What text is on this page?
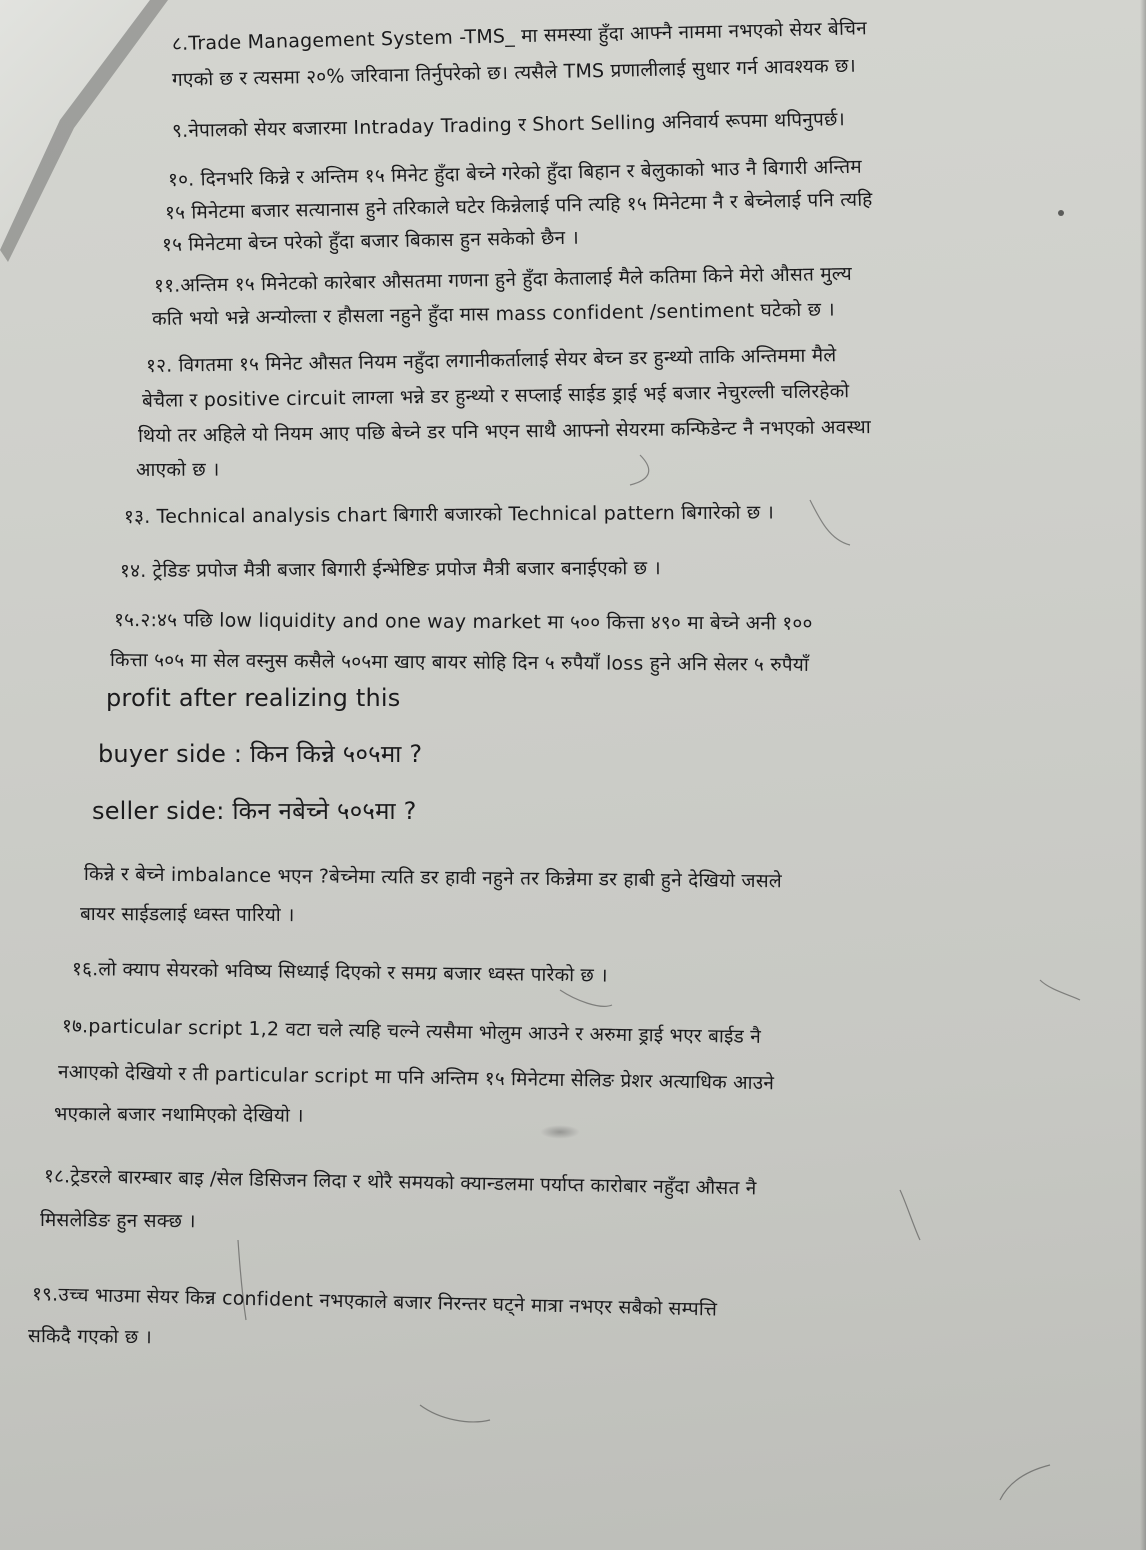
८.Trade Management System -TMS_ मा समस्या हुँदा आफ्नै नाममा नभएको सेयर बेचिन
गएको छ र त्यसमा २०% जरिवाना तिर्नुपरेको छ। त्यसैले TMS प्रणालीलाई सुधार गर्न आवश्यक छ।
९.नेपालको सेयर बजारमा Intraday Trading र Short Selling अनिवार्य रूपमा थपिनुपर्छ।
१०. दिनभरि किन्ने र अन्तिम १५ मिनेट हुँदा बेच्ने गरेको हुँदा बिहान र बेलुकाको भाउ नै बिगारी अन्तिम
१५ मिनेटमा बजार सत्यानास हुने तरिकाले घटेर किन्नेलाई पनि त्यहि १५ मिनेटमा नै र बेच्नेलाई पनि त्यहि
१५ मिनेटमा बेच्न परेको हुँदा बजार बिकास हुन सकेको छैन ।
११.अन्तिम १५ मिनेटको कारेबार औसतमा गणना हुने हुँदा केतालाई मैले कतिमा किने मेरो औसत मुल्य
कति भयो भन्ने अन्योल्ता र हौसला नहुने हुँदा मास mass confident /sentiment घटेको छ ।
१२. विगतमा १५ मिनेट औसत नियम नहुँदा लगानीकर्तालाई सेयर बेच्न डर हुन्थ्यो ताकि अन्तिममा मैले
बेचैला र positive circuit लाग्ला भन्ने डर हुन्थ्यो र सप्लाई साईड ड्राई भई बजार नेचुरल्ली चलिरहेको
थियो तर अहिले यो नियम आए पछि बेच्ने डर पनि भएन साथै आफ्नो सेयरमा कन्फिडेन्ट नै नभएको अवस्था
आएको छ ।
१३. Technical analysis chart बिगारी बजारको Technical pattern बिगारेको छ ।
१४. ट्रेडिङ प्रपोज मैत्री बजार बिगारी ईन्भेष्टिङ प्रपोज मैत्री बजार बनाईएको छ ।
१५.२:४५ पछि low liquidity and one way market मा ५०० कित्ता ४९० मा बेच्ने अनी १००
कित्ता ५०५ मा सेल वस्नुस कसैले ५०५मा खाए बायर सोहि दिन ५ रुपैयाँ loss हुने अनि सेलर ५ रुपैयाँ
profit after realizing this
buyer side : किन किन्ने ५०५मा ?
seller side: किन नबेच्ने ५०५मा ?
किन्ने र बेच्ने imbalance भएन ?बेच्नेमा त्यति डर हावी नहुने तर किन्नेमा डर हाबी हुने देखियो जसले
बायर साईडलाई ध्वस्त पारियो ।
१६.लो क्याप सेयरको भविष्य सिध्याई दिएको र समग्र बजार ध्वस्त पारेको छ ।
१७.particular script 1,2 वटा चले त्यहि चल्ने त्यसैमा भोलुम आउने र अरुमा ड्राई भएर बाईड नै
नआएको देखियो र ती particular script मा पनि अन्तिम १५ मिनेटमा सेलिङ प्रेशर अत्याधिक आउने
भएकाले बजार नथामिएको देखियो ।
१८.ट्रेडरले बारम्बार बाइ /सेल डिसिजन लिदा र थोरै समयको क्यान्डलमा पर्याप्त कारोबार नहुँदा औसत नै
मिसलेडिङ हुन सक्छ ।
१९.उच्च भाउमा सेयर किन्न confident नभएकाले बजार निरन्तर घट्ने मात्रा नभएर सबैको सम्पत्ति
सकिदै गएको छ ।
